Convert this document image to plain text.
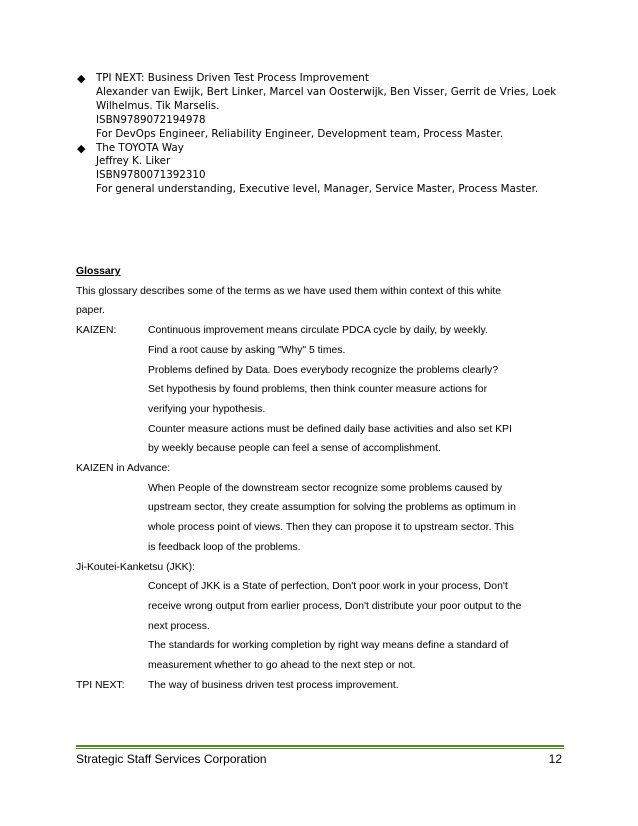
◆ TPI NEXT: Business Driven Test Process Improvement
Alexander van Ewijk, Bert Linker, Marcel van Oosterwijk, Ben Visser, Gerrit de Vries, Loek
Wilhelmus. Tik Marselis.
ISBN9789072194978
For DevOps Engineer, Reliability Engineer, Development team, Process Master.
◆ The TOYOTA Way
Jeffrey K. Liker
ISBN9780071392310
For general understanding, Executive level, Manager, Service Master, Process Master.
Glossary
This glossary describes some of the terms as we have used them within context of this white
paper.
KAIZEN:	Continuous improvement means circulate PDCA cycle by daily, by weekly.
Find a root cause by asking "Why" 5 times.
Problems defined by Data. Does everybody recognize the problems clearly?
Set hypothesis by found problems, then think counter measure actions for
verifying your hypothesis.
Counter measure actions must be defined daily base activities and also set KPI
by weekly because people can feel a sense of accomplishment.
KAIZEN in Advance:
When People of the downstream sector recognize some problems caused by
upstream sector, they create assumption for solving the problems as optimum in
whole process point of views. Then they can propose it to upstream sector. This
is feedback loop of the problems.
Ji-Koutei-Kanketsu (JKK):
Concept of JKK is a State of perfection, Don't poor work in your process, Don't
receive wrong output from earlier process, Don't distribute your poor output to the
next process.
The standards for working completion by right way means define a standard of
measurement whether to go ahead to the next step or not.
TPI NEXT: The way of business driven test process improvement.
Strategic Staff Services Corporation	12
